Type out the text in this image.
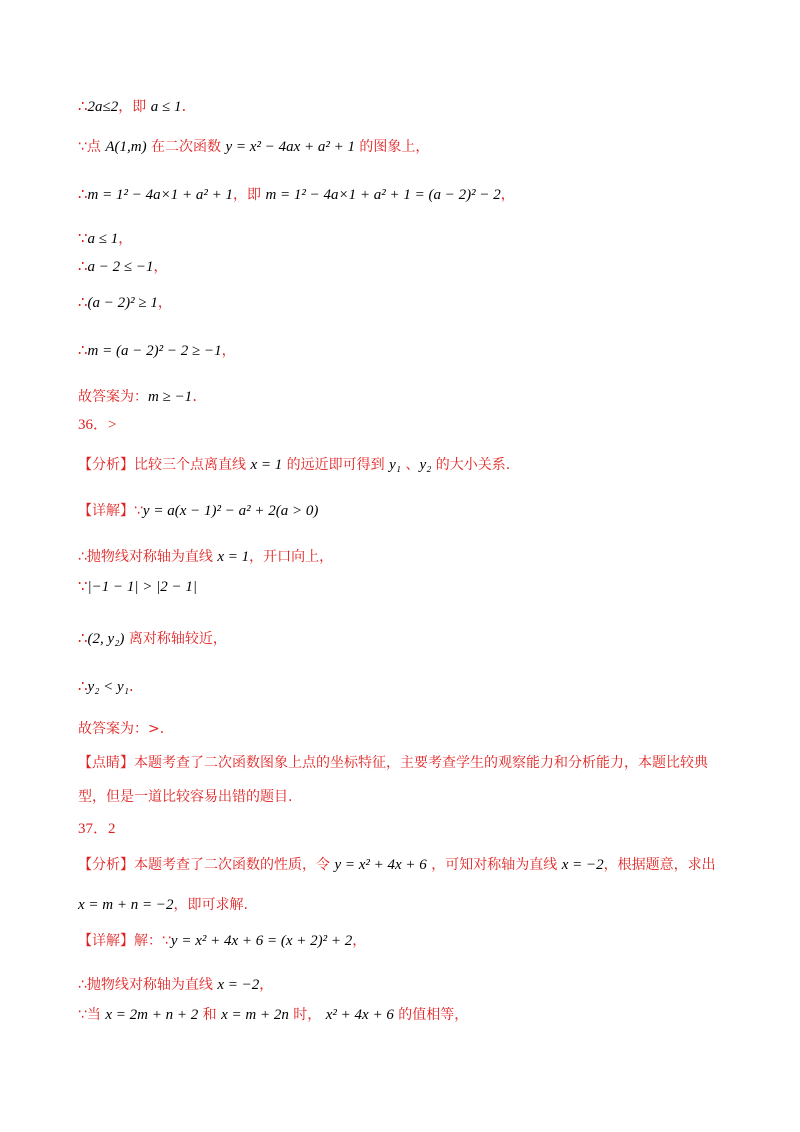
∴2a≤2，即 a ≤ 1.
∵点 A(1,m) 在二次函数 y = x² − 4ax + a² + 1 的图象上，
∴m = 1² − 4a×1 + a² + 1，即 m = 1² − 4a×1 + a² + 1 = (a − 2)² − 2，
∵a ≤ 1，
∴a − 2 ≤ −1，
∴(a − 2)² ≥ 1，
∴m = (a − 2)² − 2 ≥ −1，
故答案为：m ≥ −1.
36．>
【分析】比较三个点离直线 x = 1 的远近即可得到 y₁ 、y₂ 的大小关系.
【详解】∵y = a(x − 1)² − a² + 2(a > 0)
∴抛物线对称轴为直线 x = 1，开口向上，
∵|−1 − 1| > |2 − 1|
∴(2, y₂) 离对称轴较近，
∴y₂ < y₁.
故答案为：>.
【点睛】本题考查了二次函数图象上点的坐标特征，主要考查学生的观察能力和分析能力，本题比较典
型，但是一道比较容易出错的题目.
37．2
【分析】本题考查了二次函数的性质，令 y = x² + 4x + 6 ，可知对称轴为直线 x = −2，根据题意，求出
x = m + n = −2，即可求解.
【详解】解：∵y = x² + 4x + 6 = (x + 2)² + 2，
∴抛物线对称轴为直线 x = −2，
∵当 x = 2m + n + 2 和 x = m + 2n 时， x² + 4x + 6 的值相等，
